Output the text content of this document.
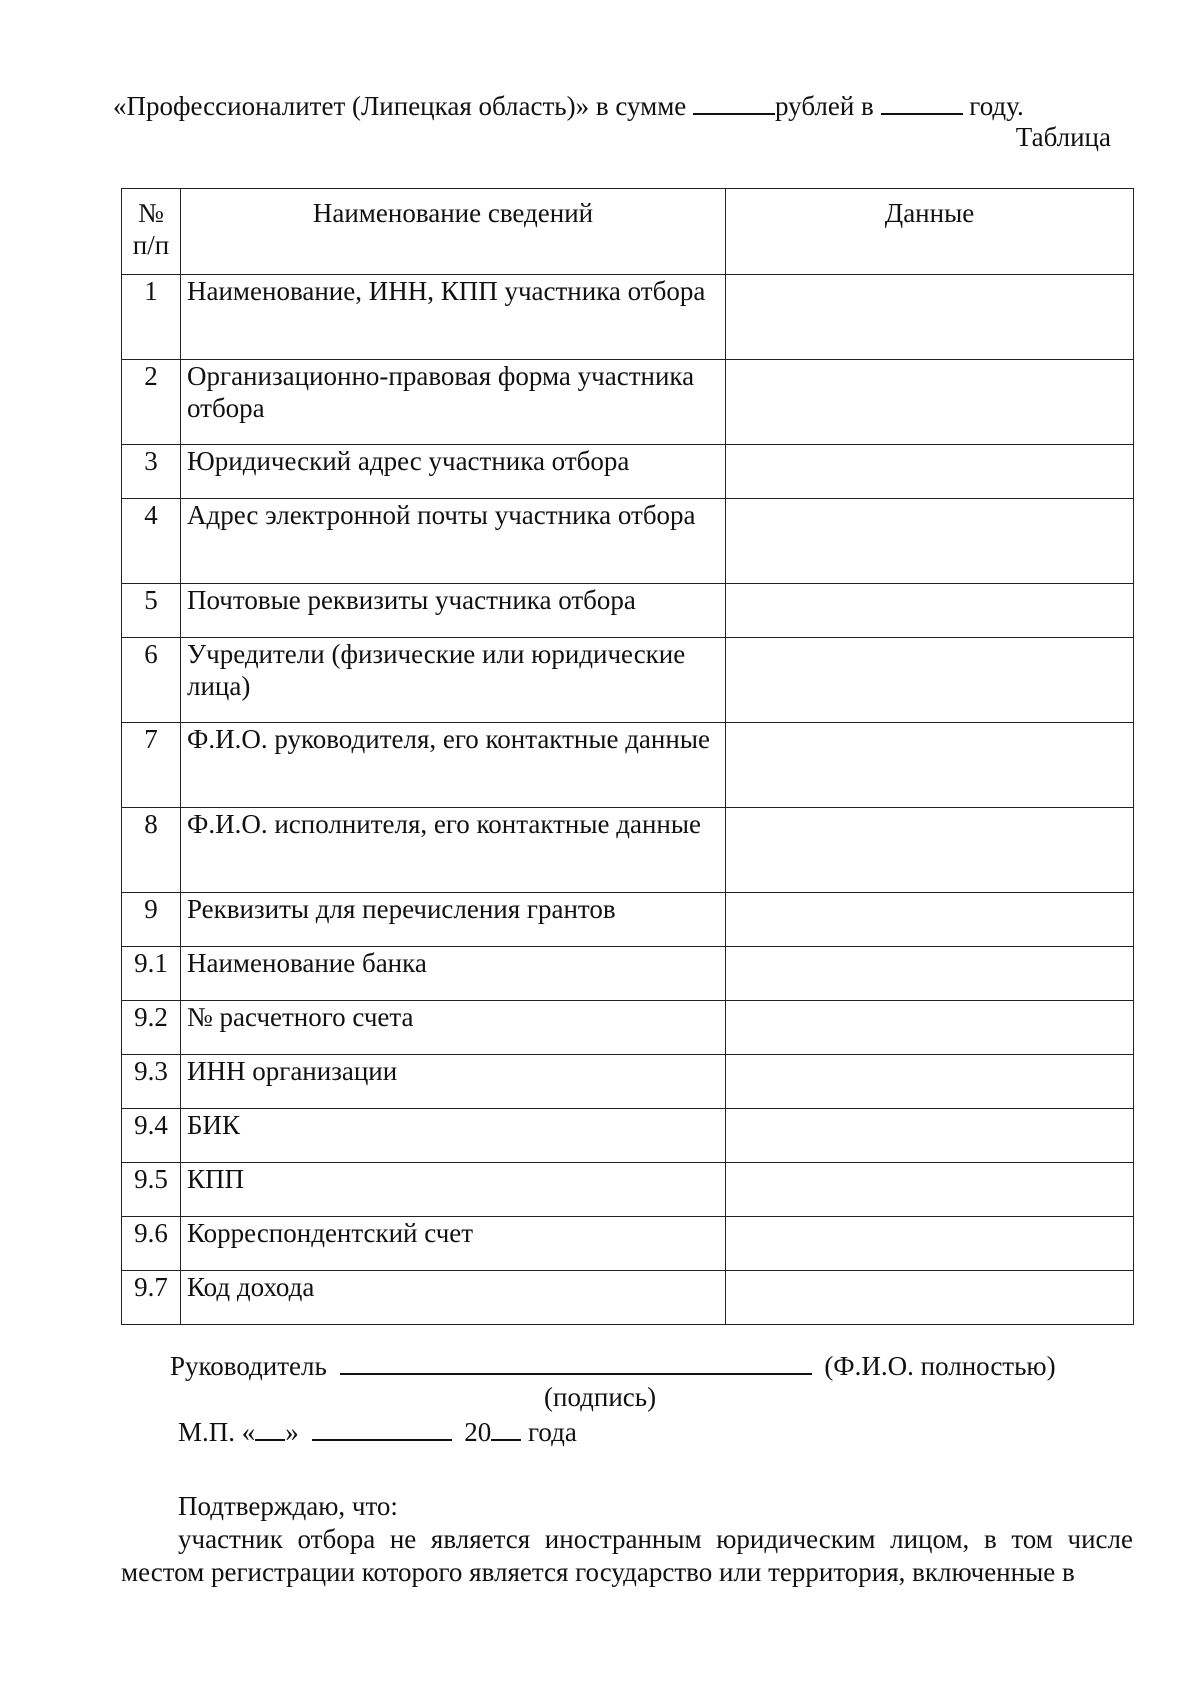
«Профессионалитет (Липецкая область)» в сумме	рублей в	году.
Таблица
№ п/п	Наименование сведений	Данные
1	Наименование, ИНН, КПП участника отбора	
2	Организационно-правовая форма участника отбора	
3	Юридический адрес участника отбора	
4	Адрес электронной почты участника отбора	
5	Почтовые реквизиты участника отбора	
6	Учредители (физические или юридические лица)	
7	Ф.И.О. руководителя, его контактные данные	
8	Ф.И.О. исполнителя, его контактные данные	
9	Реквизиты для перечисления грантов	
9.1	Наименование банка	
9.2	№ расчетного счета	
9.3	ИНН организации	
9.4	БИК	
9.5	КПП	
9.6	Корреспондентский счет	
9.7	Код дохода	
Руководитель	(Ф.И.О. полностью)
(подпись)
М.П. « »	20 года
Подтверждаю, что:
участник отбора не является иностранным юридическим лицом, в том числе местом регистрации которого является государство или территория, включенные в
